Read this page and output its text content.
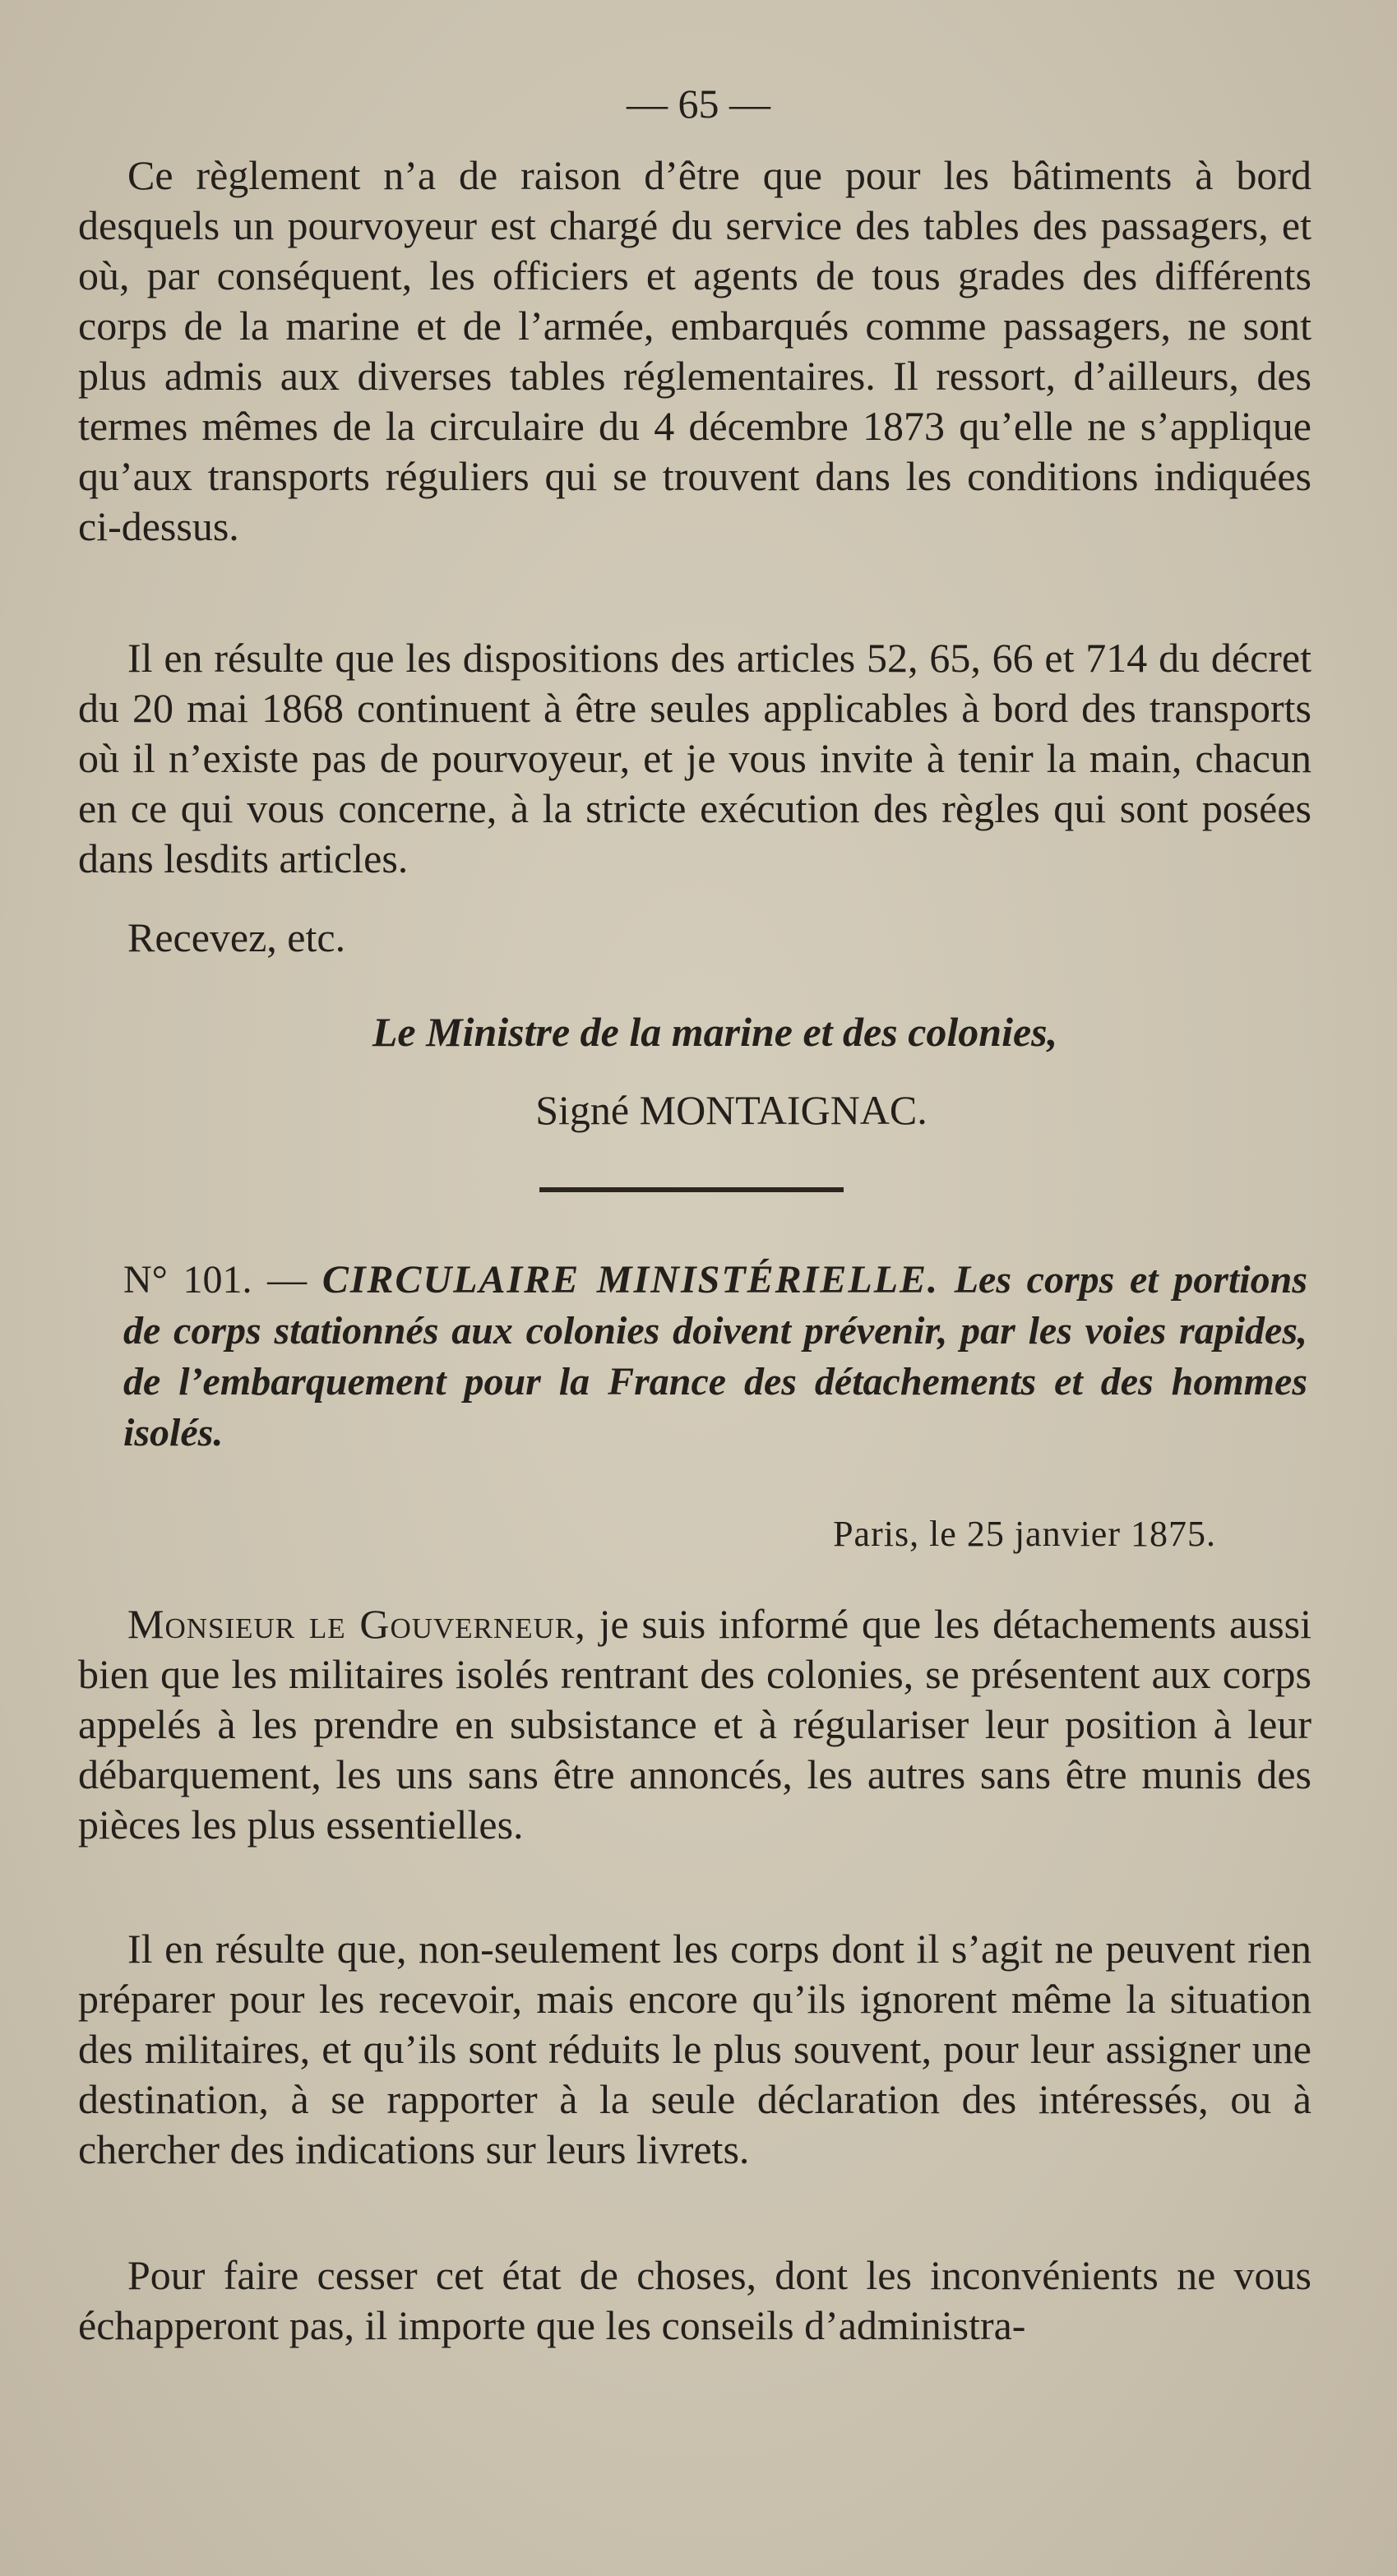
— 65 —

Ce règlement n’a de raison d’être que pour les bâtiments à bord desquels un pourvoyeur est chargé du service des tables des passagers, et où, par conséquent, les officiers et agents de tous grades des différents corps de la marine et de l’armée, embarqués comme passagers, ne sont plus admis aux diverses tables réglementaires. Il ressort, d’ailleurs, des termes mêmes de la circulaire du 4 décembre 1873 qu’elle ne s’applique qu’aux transports réguliers qui se trouvent dans les conditions indiquées ci-dessus.

Il en résulte que les dispositions des articles 52, 65, 66 et 714 du décret du 20 mai 1868 continuent à être seules applicables à bord des transports où il n’existe pas de pourvoyeur, et je vous invite à tenir la main, chacun en ce qui vous concerne, à la stricte exécution des règles qui sont posées dans lesdits articles.

Recevez, etc.

Le Ministre de la marine et des colonies,
Signé MONTAIGNAC.

N° 101. — CIRCULAIRE MINISTÉRIELLE. Les corps et portions de corps stationnés aux colonies doivent prévenir, par les voies rapides, de l’embarquement pour la France des détachements et des hommes isolés.

Paris, le 25 janvier 1875.

Monsieur le Gouverneur, je suis informé que les détachements aussi bien que les militaires isolés rentrant des colonies, se présentent aux corps appelés à les prendre en subsistance et à régulariser leur position à leur débarquement, les uns sans être annoncés, les autres sans être munis des pièces les plus essentielles.

Il en résulte que, non-seulement les corps dont il s’agit ne peuvent rien préparer pour les recevoir, mais encore qu’ils ignorent même la situation des militaires, et qu’ils sont réduits le plus souvent, pour leur assigner une destination, à se rapporter à la seule déclaration des intéressés, ou à chercher des indications sur leurs livrets.

Pour faire cesser cet état de choses, dont les inconvénients ne vous échapperont pas, il importe que les conseils d’administra-
